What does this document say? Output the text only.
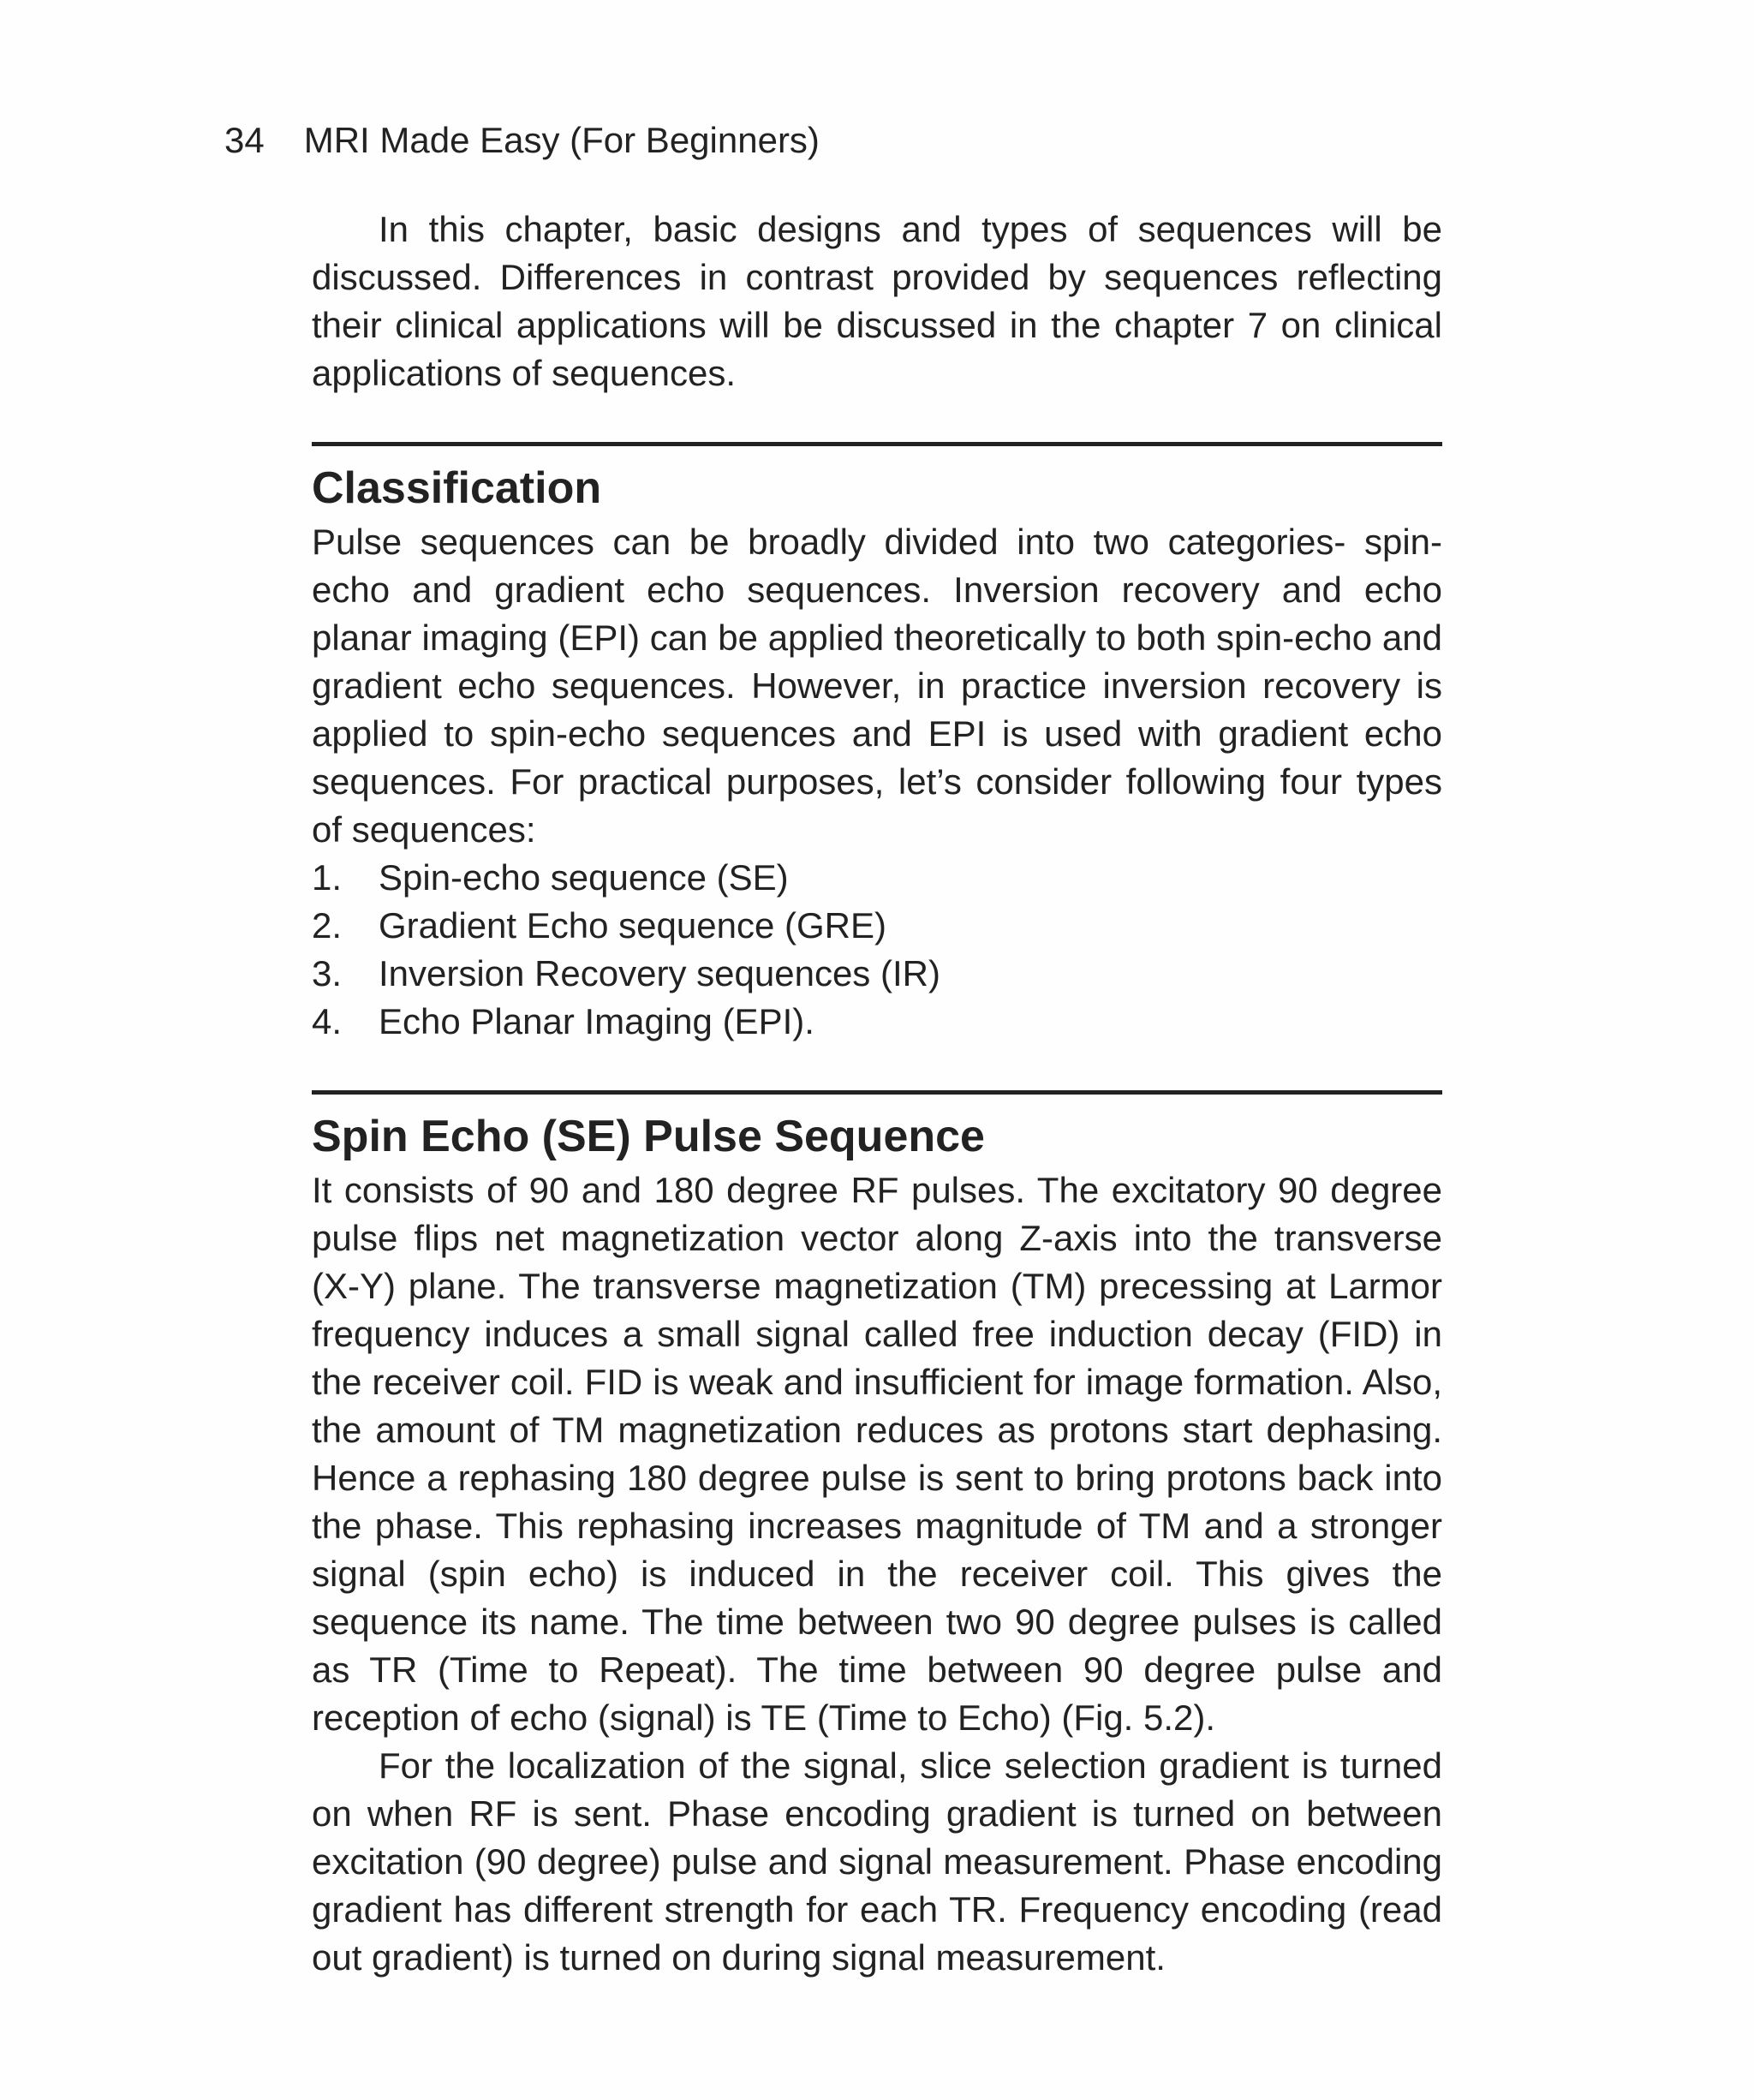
34 MRI Made Easy (For Beginners)

In this chapter, basic designs and types of sequences will be discussed. Differences in contrast provided by sequences reflecting their clinical applications will be discussed in the chapter 7 on clinical applications of sequences.

Classification

Pulse sequences can be broadly divided into two categories- spin-echo and gradient echo sequences. Inversion recovery and echo planar imaging (EPI) can be applied theoretically to both spin-echo and gradient echo sequences. However, in practice inversion recovery is applied to spin-echo sequences and EPI is used with gradient echo sequences. For practical purposes, let’s consider following four types of sequences:

1.	Spin-echo sequence (SE)
2.	Gradient Echo sequence (GRE)
3.	Inversion Recovery sequences (IR)
4.	Echo Planar Imaging (EPI).
Spin Echo (SE) Pulse Sequence

It consists of 90 and 180 degree RF pulses. The excitatory 90 degree pulse flips net magnetization vector along Z-axis into the transverse (X-Y) plane. The transverse magnetization (TM) precessing at Larmor frequency induces a small signal called free induction decay (FID) in the receiver coil. FID is weak and insufficient for image formation. Also, the amount of TM magnetization reduces as protons start dephasing. Hence a rephasing 180 degree pulse is sent to bring protons back into the phase. This rephasing increases magnitude of TM and a stronger signal (spin echo) is induced in the receiver coil. This gives the sequence its name. The time between two 90 degree pulses is called as TR (Time to Repeat). The time between 90 degree pulse and reception of echo (signal) is TE (Time to Echo) (Fig. 5.2).

For the localization of the signal, slice selection gradient is turned on when RF is sent. Phase encoding gradient is turned on between excitation (90 degree) pulse and signal measurement. Phase encoding gradient has different strength for each TR. Frequency encoding (read out gradient) is turned on during signal measurement.
